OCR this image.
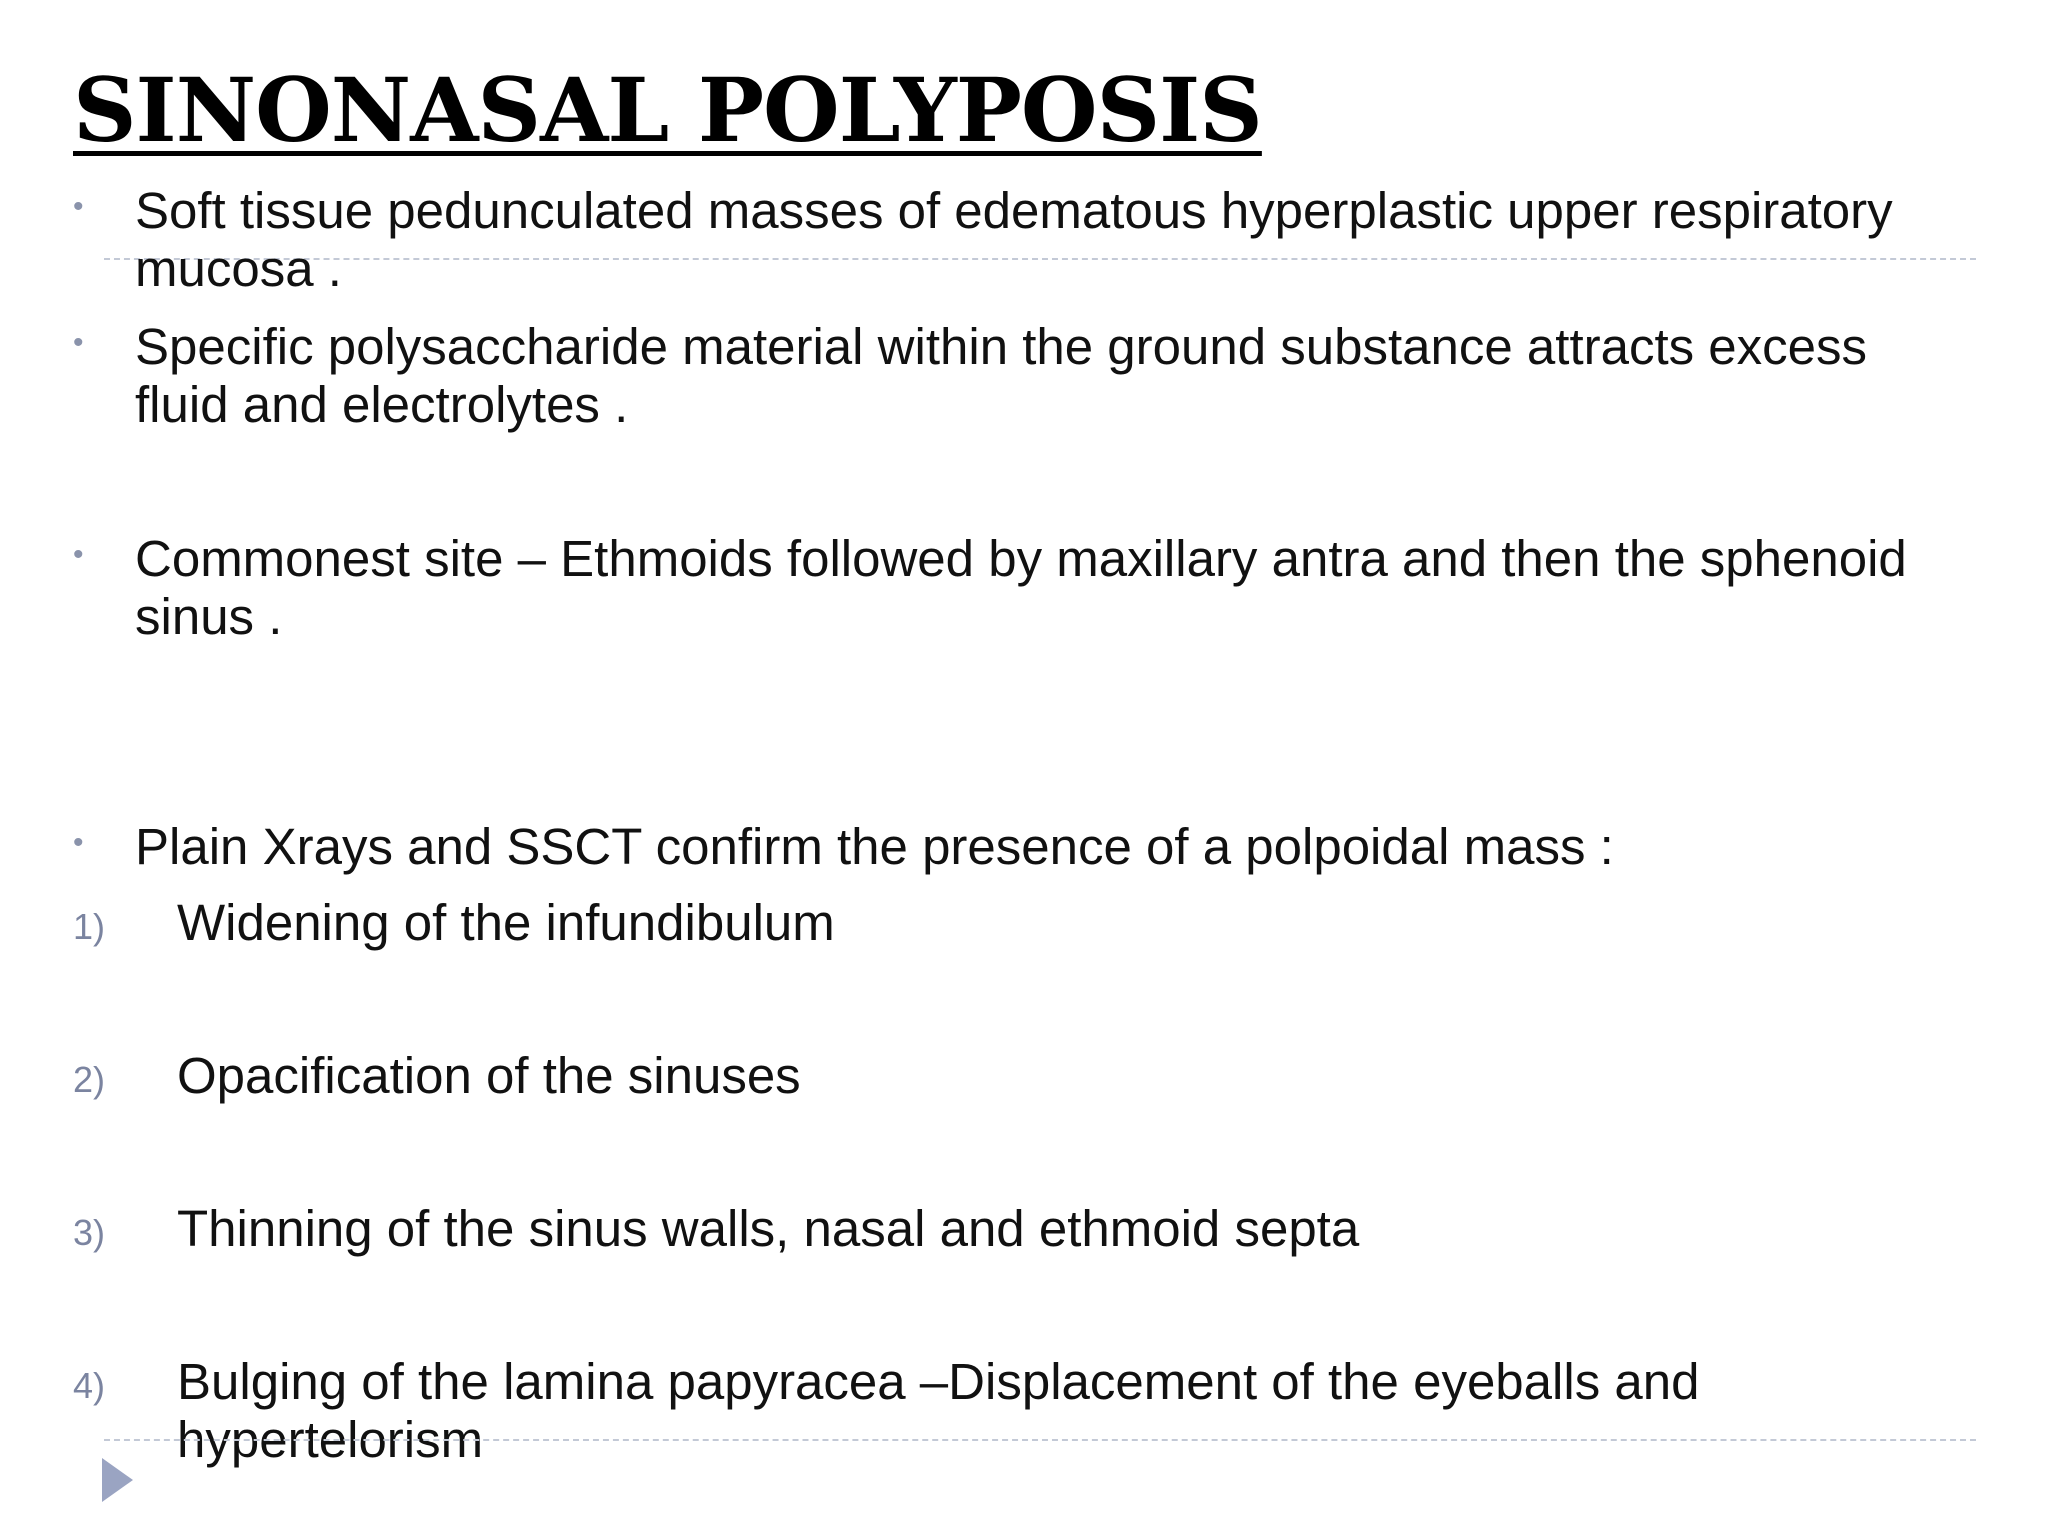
SINONASAL POLYPOSIS
• Soft tissue pedunculated masses of edematous hyperplastic upper respiratory mucosa .
• Specific polysaccharide material within the ground substance attracts excess fluid and electrolytes .
• Commonest site – Ethmoids followed by maxillary antra and then the sphenoid sinus .
• Plain Xrays and SSCT confirm the presence of a polpoidal mass :
1) Widening of the infundibulum
2) Opacification of the sinuses
3) Thinning of the sinus walls, nasal and ethmoid septa
4) Bulging of the lamina papyracea –Displacement of the eyeballs and hypertelorism
